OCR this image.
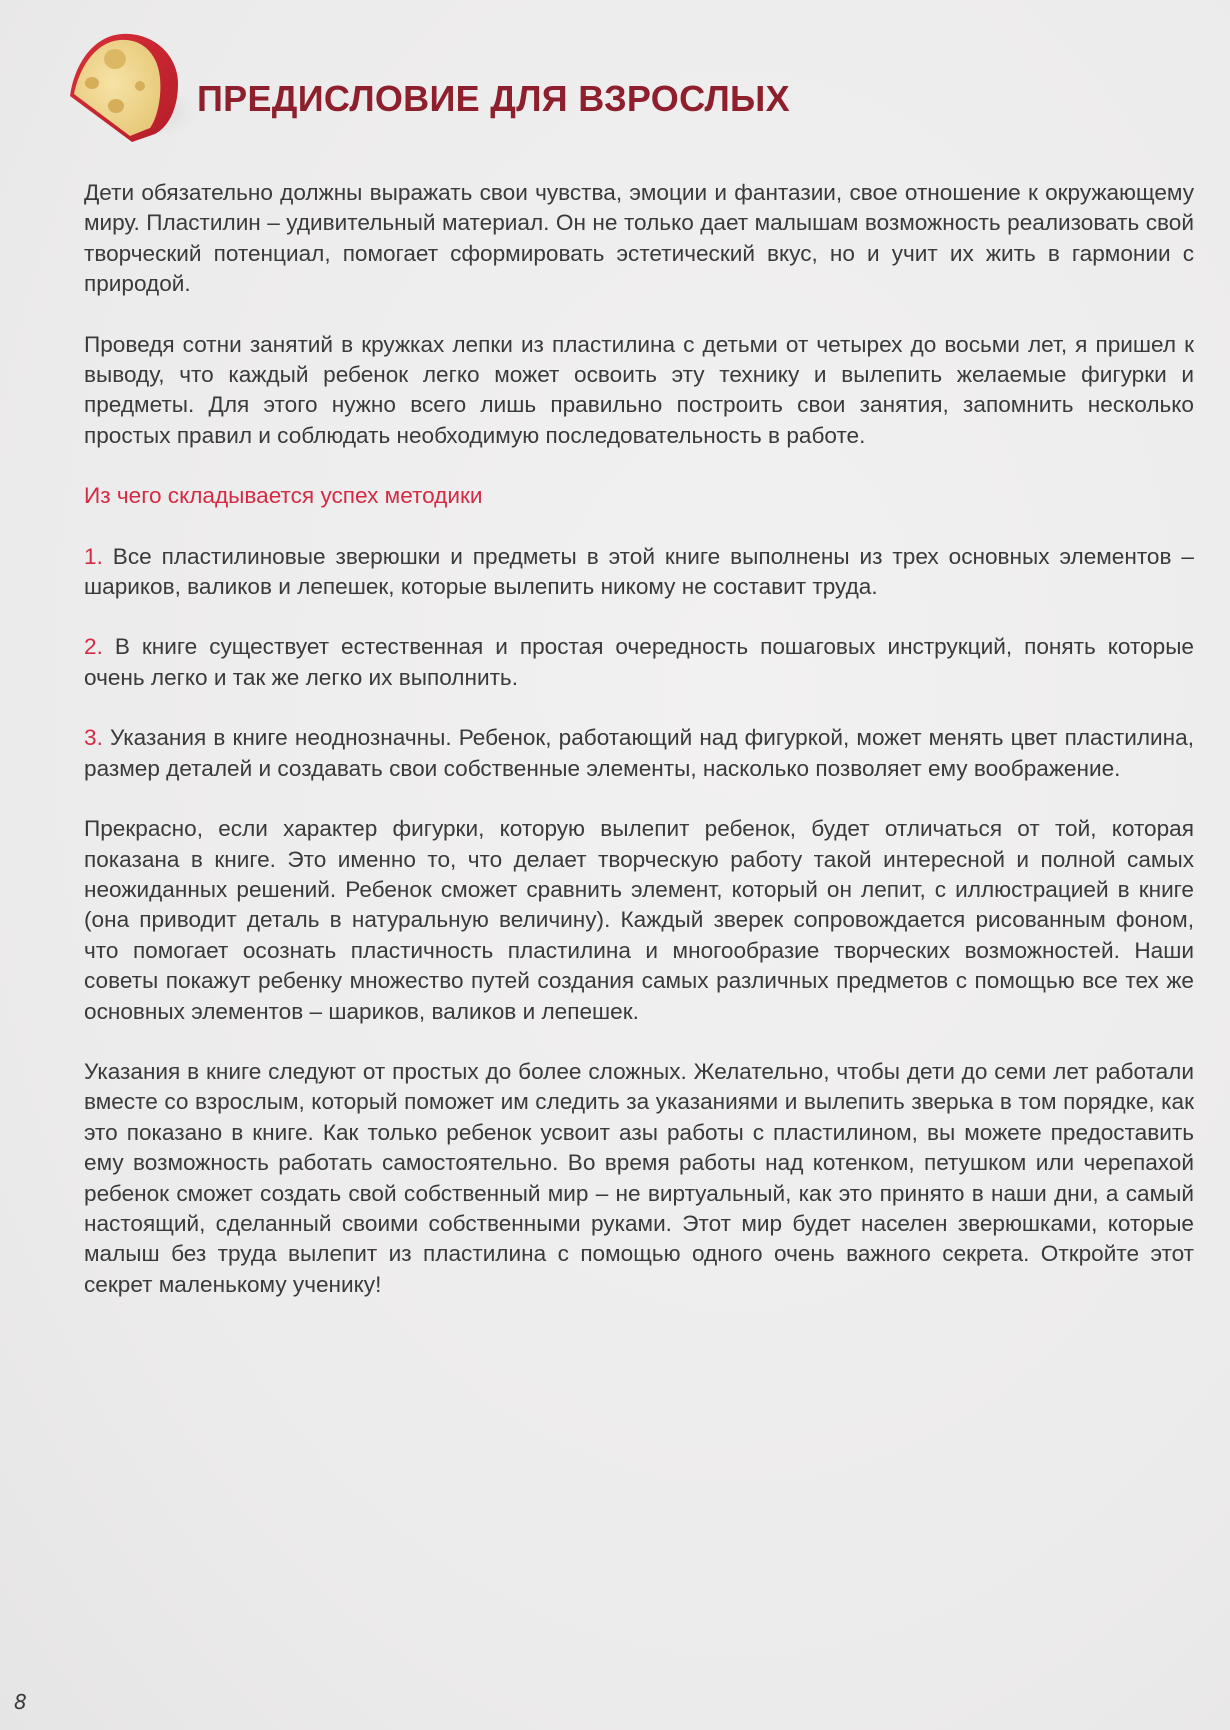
ПРЕДИСЛОВИЕ ДЛЯ ВЗРОСЛЫХ

Дети обязательно должны выражать свои чувства, эмоции и фантазии, свое отношение к окружающему миру. Пластилин – удивительный материал. Он не только дает малышам возможность реализовать свой творческий потенциал, помогает сформировать эстетический вкус, но и учит их жить в гармонии с природой.

Проведя сотни занятий в кружках лепки из пластилина с детьми от четырех до восьми лет, я пришел к выводу, что каждый ребенок легко может освоить эту технику и вылепить желаемые фигурки и предметы. Для этого нужно всего лишь правильно построить свои занятия, запомнить несколько простых правил и соблюдать необходимую последовательность в работе.

Из чего складывается успех методики

1. Все пластилиновые зверюшки и предметы в этой книге выполнены из трех основных элементов – шариков, валиков и лепешек, которые вылепить никому не составит труда.

2. В книге существует естественная и простая очередность пошаговых инструкций, понять которые очень легко и так же легко их выполнить.

3. Указания в книге неоднозначны. Ребенок, работающий над фигуркой, может менять цвет пластилина, размер деталей и создавать свои собственные элементы, насколько позволяет ему воображение.

Прекрасно, если характер фигурки, которую вылепит ребенок, будет отличаться от той, которая показана в книге. Это именно то, что делает творческую работу такой интересной и полной самых неожиданных решений. Ребенок сможет сравнить элемент, который он лепит, с иллюстрацией в книге (она приводит деталь в натуральную величину). Каждый зверек сопровождается рисованным фоном, что помогает осознать пластичность пластилина и многообразие творческих возможностей. Наши советы покажут ребенку множество путей создания самых различных предметов с помощью все тех же основных элементов – шариков, валиков и лепешек.

Указания в книге следуют от простых до более сложных. Желательно, чтобы дети до семи лет работали вместе со взрослым, который поможет им следить за указаниями и вылепить зверька в том порядке, как это показано в книге. Как только ребенок усвоит азы работы с пластилином, вы можете предоставить ему возможность работать самостоятельно. Во время работы над котенком, петушком или черепахой ребенок сможет создать свой собственный мир – не виртуальный, как это принято в наши дни, а самый настоящий, сделанный своими собственными руками. Этот мир будет населен зверюшками, которые малыш без труда вылепит из пластилина с помощью одного очень важного секрета. Откройте этот секрет маленькому ученику!

8
